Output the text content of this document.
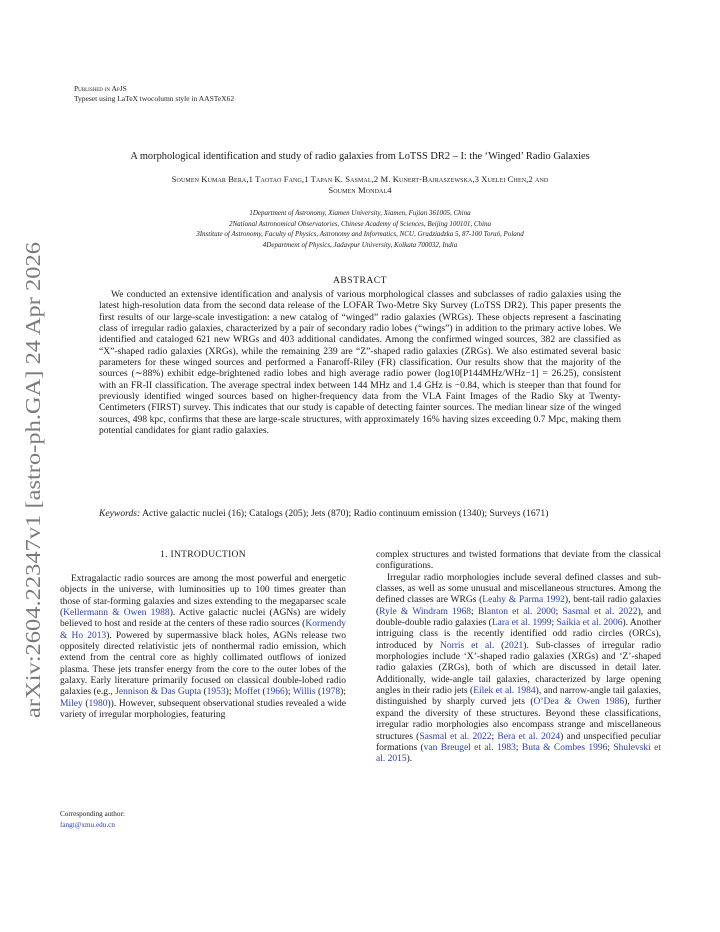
arXiv:2604.22347v1 [astro-ph.GA] 24 Apr 2026
Published in ApJS
Typeset using LaTeX twocolumn style in AASTeX62
A morphological identification and study of radio galaxies from LoTSS DR2 – I: the ‘Winged’ Radio Galaxies
Soumen Kumar Bera,1 Taotao Fang,1 Tapan K. Sasmal,2 M. Kunert-Bajraszewska,3 Xuelei Chen,2 and
Soumen Mondal4
1Department of Astronomy, Xiamen University, Xiamen, Fujian 361005, China
2National Astronomical Observatories, Chinese Academy of Sciences, Beijing 100101, China
3Institute of Astronomy, Faculty of Physics, Astronomy and Informatics, NCU, Grudziadzka 5, 87-100 Toruń, Poland
4Department of Physics, Jadavpur University, Kolkata 700032, India
ABSTRACT

We conducted an extensive identification and analysis of various morphological classes and subclasses of radio galaxies using the latest high-resolution data from the second data release of the LOFAR Two-Metre Sky Survey (LoTSS DR2). This paper presents the first results of our large-scale investigation: a new catalog of “winged” radio galaxies (WRGs). These objects represent a fascinating class of irregular radio galaxies, characterized by a pair of secondary radio lobes (“wings”) in addition to the primary active lobes. We identified and cataloged 621 new WRGs and 403 additional candidates. Among the confirmed winged sources, 382 are classified as “X”-shaped radio galaxies (XRGs), while the remaining 239 are “Z”-shaped radio galaxies (ZRGs). We also estimated several basic parameters for these winged sources and performed a Fanaroff-Riley (FR) classification. Our results show that the majority of the sources (∼88%) exhibit edge-brightened radio lobes and high average radio power (log10[P144MHz/WHz−1] = 26.25), consistent with an FR-II classification. The average spectral index between 144 MHz and 1.4 GHz is −0.84, which is steeper than that found for previously identified winged sources based on higher-frequency data from the VLA Faint Images of the Radio Sky at Twenty-Centimeters (FIRST) survey. This indicates that our study is capable of detecting fainter sources. The median linear size of the winged sources, 498 kpc, confirms that these are large-scale structures, with approximately 16% having sizes exceeding 0.7 Mpc, making them potential candidates for giant radio galaxies.

Keywords: Active galactic nuclei (16); Catalogs (205); Jets (870); Radio continuum emission (1340); Surveys (1671)
1. INTRODUCTION

Extragalactic radio sources are among the most powerful and energetic objects in the universe, with luminosities up to 100 times greater than those of star-forming galaxies and sizes extending to the megaparsec scale (Kellermann & Owen 1988). Active galactic nuclei (AGNs) are widely believed to host and reside at the centers of these radio sources (Kormendy & Ho 2013). Powered by supermassive black holes, AGNs release two oppositely directed relativistic jets of nonthermal radio emission, which extend from the central core as highly collimated outflows of ionized plasma. These jets transfer energy from the core to the outer lobes of the galaxy. Early literature primarily focused on classical double-lobed radio galaxies (e.g., Jennison & Das Gupta (1953); Moffet (1966); Willis (1978); Miley (1980)). However, subsequent observational studies revealed a wide variety of irregular morphologies, featuring

complex structures and twisted formations that deviate from the classical configurations.

Irregular radio morphologies include several defined classes and sub-classes, as well as some unusual and miscellaneous structures. Among the defined classes are WRGs (Leahy & Parma 1992), bent-tail radio galaxies (Ryle & Windram 1968; Blanton et al. 2000; Sasmal et al. 2022), and double-double radio galaxies (Lara et al. 1999; Saikia et al. 2006). Another intriguing class is the recently identified odd radio circles (ORCs), introduced by Norris et al. (2021). Sub-classes of irregular radio morphologies include ‘X’-shaped radio galaxies (XRGs) and ‘Z’-shaped radio galaxies (ZRGs), both of which are discussed in detail later. Additionally, wide-angle tail galaxies, characterized by large opening angles in their radio jets (Eilek et al. 1984), and narrow-angle tail galaxies, distinguished by sharply curved jets (O’Dea & Owen 1986), further expand the diversity of these structures. Beyond these classifications, irregular radio morphologies also encompass strange and miscellaneous structures (Sasmal et al. 2022; Bera et al. 2024) and unspecified peculiar formations (van Breugel et al. 1983; Buta & Combes 1996; Shulevski et al. 2015).

Corresponding author:
fangt@xmu.edu.cn
